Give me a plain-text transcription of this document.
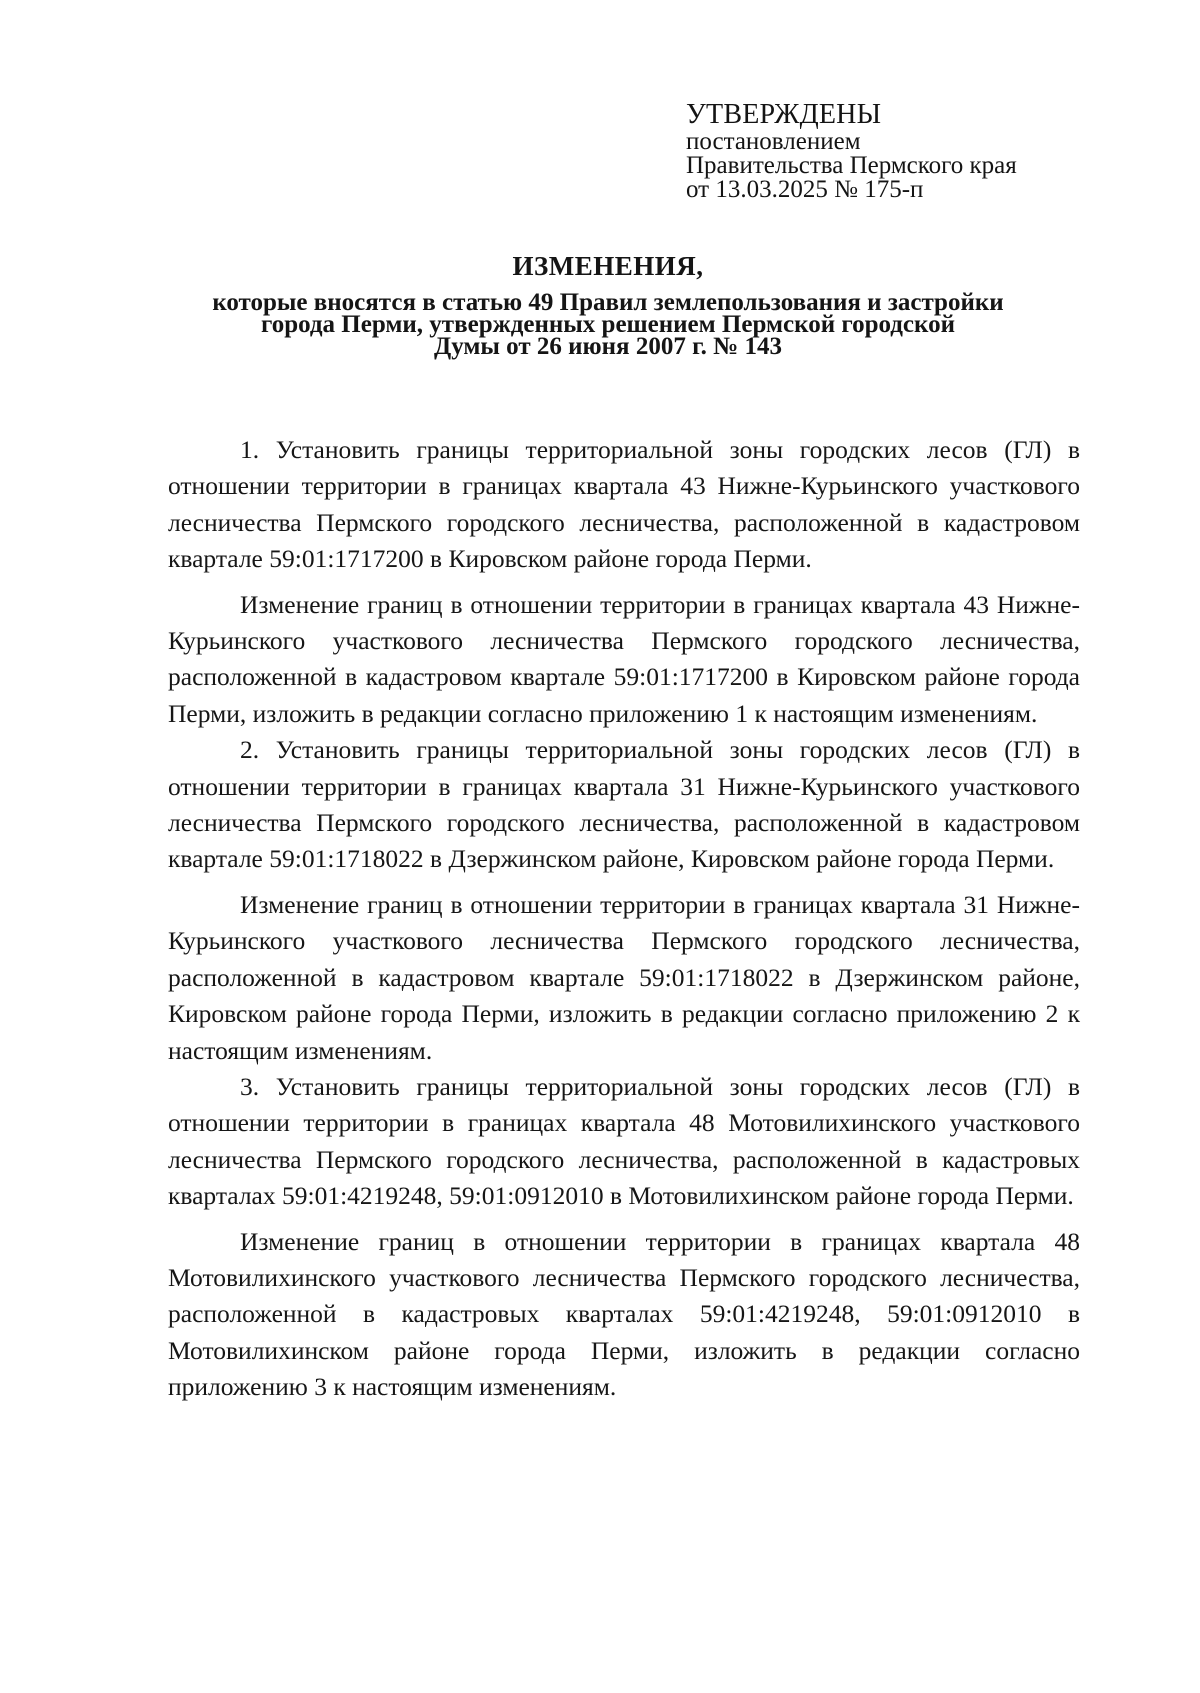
УТВЕРЖДЕНЫ
постановлением
Правительства Пермского края
от 13.03.2025 № 175-п
ИЗМЕНЕНИЯ,
которые вносятся в статью 49 Правил землепользования и застройки
города Перми, утвержденных решением Пермской городской
Думы от 26 июня 2007 г. № 143

1. Установить границы территориальной зоны городских лесов (ГЛ) в отношении территории в границах квартала 43 Нижне-Курьинского участкового лесничества Пермского городского лесничества, расположенной в кадастровом квартале 59:01:1717200 в Кировском районе города Перми.

Изменение границ в отношении территории в границах квартала 43 Нижне-Курьинского участкового лесничества Пермского городского лесничества, расположенной в кадастровом квартале 59:01:1717200 в Кировском районе города Перми, изложить в редакции согласно приложению 1 к настоящим изменениям.

2. Установить границы территориальной зоны городских лесов (ГЛ) в отношении территории в границах квартала 31 Нижне-Курьинского участкового лесничества Пермского городского лесничества, расположенной в кадастровом квартале 59:01:1718022 в Дзержинском районе, Кировском районе города Перми.

Изменение границ в отношении территории в границах квартала 31 Нижне-Курьинского участкового лесничества Пермского городского лесничества, расположенной в кадастровом квартале 59:01:1718022 в Дзержинском районе, Кировском районе города Перми, изложить в редакции согласно приложению 2 к настоящим изменениям.

3. Установить границы территориальной зоны городских лесов (ГЛ) в отношении территории в границах квартала 48 Мотовилихинского участкового лесничества Пермского городского лесничества, расположенной в кадастровых кварталах 59:01:4219248, 59:01:0912010 в Мотовилихинском районе города Перми.

Изменение границ в отношении территории в границах квартала 48 Мотовилихинского участкового лесничества Пермского городского лесничества, расположенной в кадастровых кварталах 59:01:4219248, 59:01:0912010 в Мотовилихинском районе города Перми, изложить в редакции согласно приложению 3 к настоящим изменениям.
